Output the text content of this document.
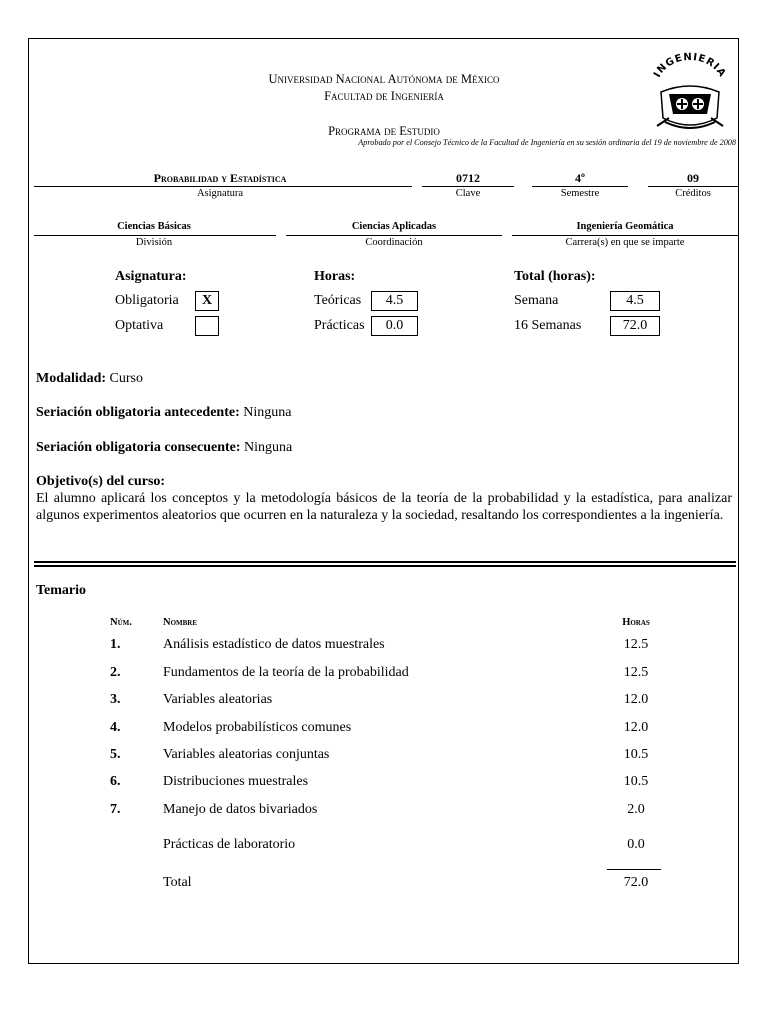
Universidad Nacional Autónoma de México
Facultad de Ingeniería
Programa de Estudio
Aprobado por el Consejo Técnico de la Facultad de Ingeniería en su sesión ordinaria del 19 de noviembre de 2008
INGENIERIA
Probabilidad y Estadística
Asignatura
0712
Clave
4º
Semestre
09
Créditos
Ciencias Básicas
División
Ciencias Aplicadas
Coordinación
Ingeniería Geomática
Carrera(s) en que se imparte
Asignatura:
Obligatoria	X
Optativa
Horas:
Teóricas	4.5
Prácticas	0.0
Total (horas):
Semana	4.5
16 Semanas	72.0
Modalidad: Curso
Seriación obligatoria antecedente: Ninguna
Seriación obligatoria consecuente: Ninguna
Objetivo(s) del curso:
El alumno aplicará los conceptos y la metodología básicos de la teoría de la probabilidad y la estadística, para analizar algunos experimentos aleatorios que ocurren en la naturaleza y la sociedad, resaltando los correspondientes a la ingeniería.
Temario
Núm.	Nombre	Horas
1.	Análisis estadístico de datos muestrales	12.5
2.	Fundamentos de la teoría de la probabilidad	12.5
3.	Variables aleatorias	12.0
4.	Modelos probabilísticos comunes	12.0
5.	Variables aleatorias conjuntas	10.5
6.	Distribuciones muestrales	10.5
7.	Manejo de datos bivariados	2.0
Prácticas de laboratorio	0.0
Total	72.0
